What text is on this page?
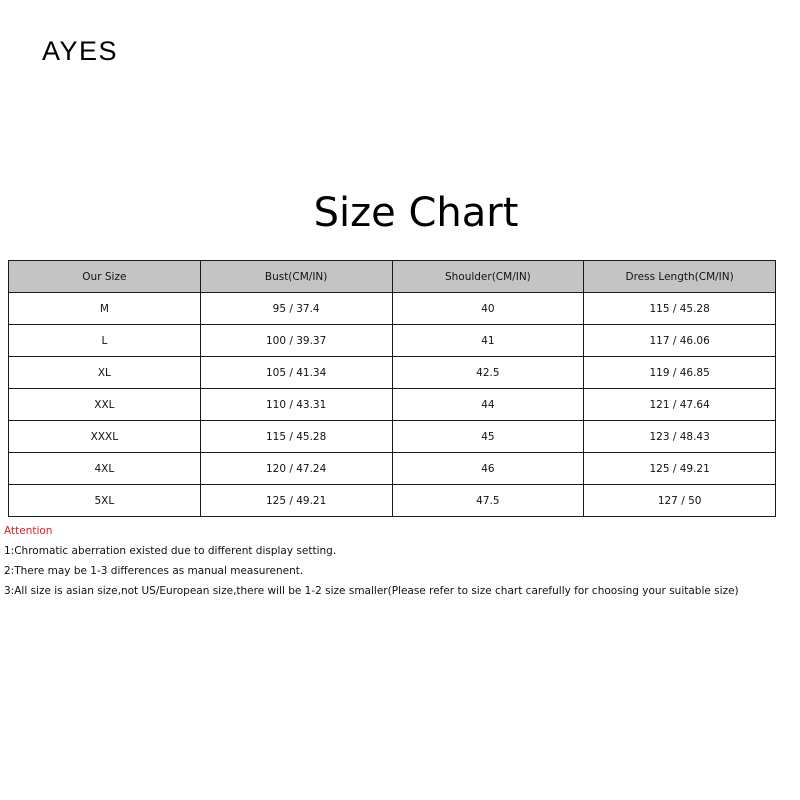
AYES
Size Chart
Our Size	Bust(CM/IN)	Shoulder(CM/IN)	Dress Length(CM/IN)
M	95 / 37.4	40	115 / 45.28
L	100 / 39.37	41	117 / 46.06
XL	105 / 41.34	42.5	119 / 46.85
XXL	110 / 43.31	44	121 / 47.64
XXXL	115 / 45.28	45	123 / 48.43
4XL	120 / 47.24	46	125 / 49.21
5XL	125 / 49.21	47.5	127 / 50
Attention
1:Chromatic aberration existed due to different display setting.
2:There may be 1-3 differences as manual measurenent.
3:All size is asian size,not US/European size,there will be 1-2 size smaller(Please refer to size chart carefully for choosing your suitable size)
